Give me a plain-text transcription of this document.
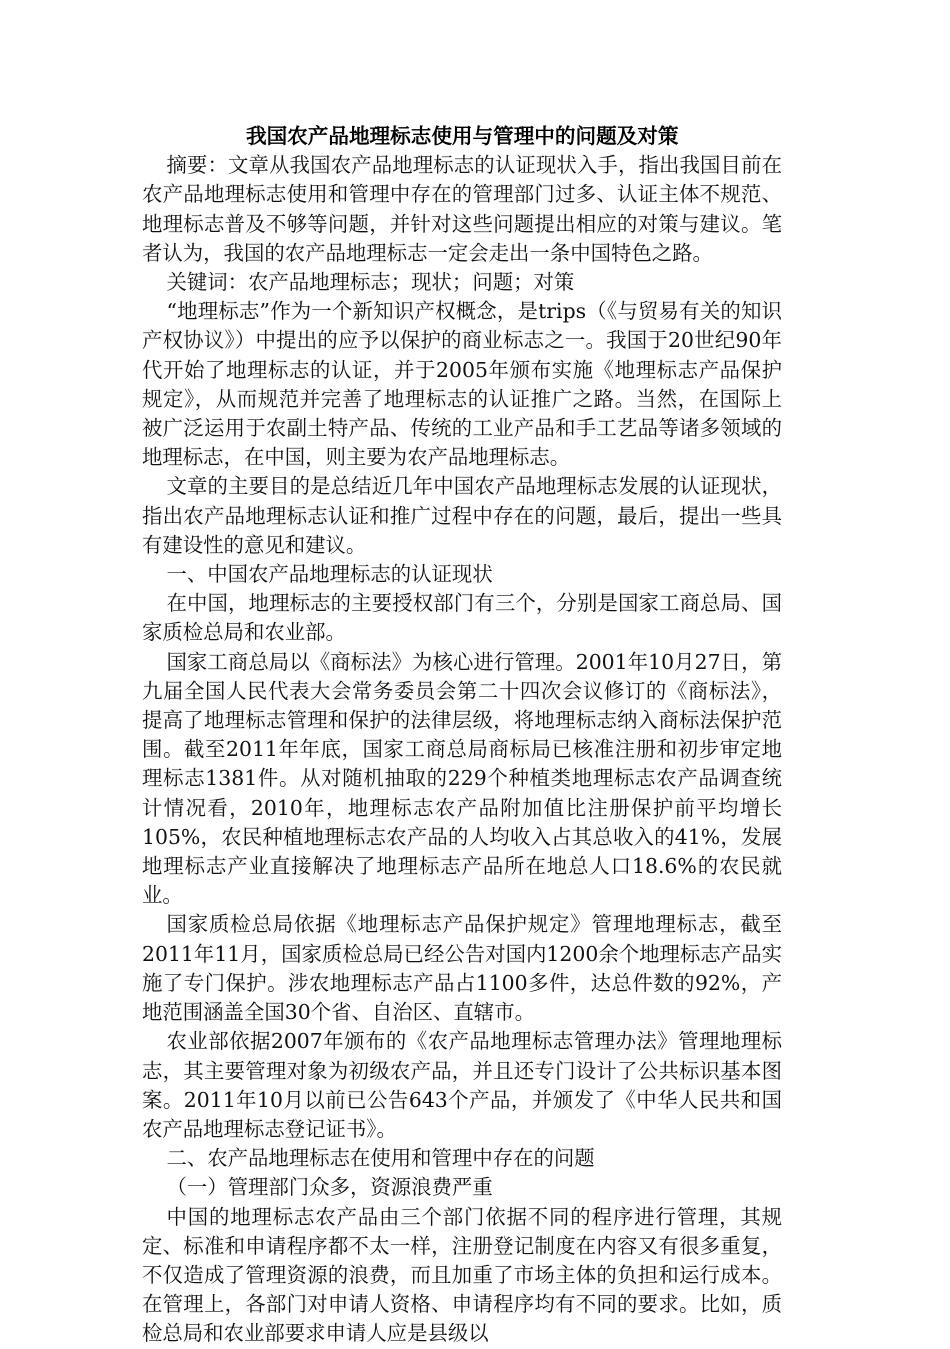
我国农产品地理标志使用与管理中的问题及对策

摘要：文章从我国农产品地理标志的认证现状入手，指出我国目前在农产品地理标志使用和管理中存在的管理部门过多、认证主体不规范、地理标志普及不够等问题，并针对这些问题提出相应的对策与建议。笔者认为，我国的农产品地理标志一定会走出一条中国特色之路。

关键词：农产品地理标志；现状；问题；对策

“地理标志”作为一个新知识产权概念，是trips（《与贸易有关的知识产权协议》）中提出的应予以保护的商业标志之一。我国于20世纪90年代开始了地理标志的认证，并于2005年颁布实施《地理标志产品保护规定》，从而规范并完善了地理标志的认证推广之路。当然，在国际上被广泛运用于农副土特产品、传统的工业产品和手工艺品等诸多领域的地理标志，在中国，则主要为农产品地理标志。

文章的主要目的是总结近几年中国农产品地理标志发展的认证现状，指出农产品地理标志认证和推广过程中存在的问题，最后，提出一些具有建设性的意见和建议。

一、中国农产品地理标志的认证现状

在中国，地理标志的主要授权部门有三个，分别是国家工商总局、国家质检总局和农业部。

国家工商总局以《商标法》为核心进行管理。2001年10月27日，第九届全国人民代表大会常务委员会第二十四次会议修订的《商标法》，提高了地理标志管理和保护的法律层级，将地理标志纳入商标法保护范围。截至2011年年底，国家工商总局商标局已核准注册和初步审定地理标志1381件。从对随机抽取的229个种植类地理标志农产品调查统计情况看，2010年，地理标志农产品附加值比注册保护前平均增长105%，农民种植地理标志农产品的人均收入占其总收入的41%，发展地理标志产业直接解决了地理标志产品所在地总人口18.6%的农民就业。

国家质检总局依据《地理标志产品保护规定》管理地理标志，截至2011年11月，国家质检总局已经公告对国内1200余个地理标志产品实施了专门保护。涉农地理标志产品占1100多件，达总件数的92%，产地范围涵盖全国30个省、自治区、直辖市。

农业部依据2007年颁布的《农产品地理标志管理办法》管理地理标志，其主要管理对象为初级农产品，并且还专门设计了公共标识基本图案。2011年10月以前已公告643个产品，并颁发了《中华人民共和国农产品地理标志登记证书》。

二、农产品地理标志在使用和管理中存在的问题

（一）管理部门众多，资源浪费严重

中国的地理标志农产品由三个部门依据不同的程序进行管理，其规定、标准和申请程序都不太一样，注册登记制度在内容又有很多重复，不仅造成了管理资源的浪费，而且加重了市场主体的负担和运行成本。在管理上，各部门对申请人资格、申请程序均有不同的要求。比如，质检总局和农业部要求申请人应是县级以
